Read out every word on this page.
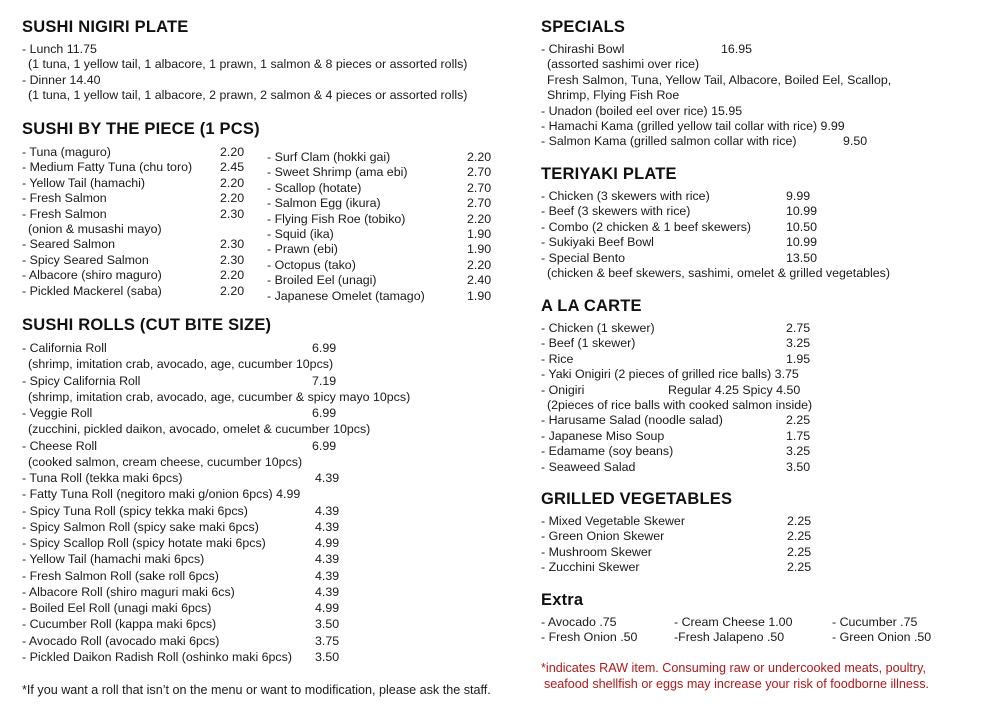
SUSHI NIGIRI PLATE
- Lunch 11.75
(1 tuna, 1 yellow tail, 1 albacore, 1 prawn, 1 salmon & 8 pieces or assorted rolls)
- Dinner 14.40
(1 tuna, 1 yellow tail, 1 albacore, 2 prawn, 2 salmon & 4 pieces or assorted rolls)
SUSHI BY THE PIECE (1 PCS)
- Tuna (maguro)	2.20
- Medium Fatty Tuna (chu toro) 2.45
- Yellow Tail (hamachi)	2.20
- Fresh Salmon	2.20
- Fresh Salmon	2.30
(onion & musashi mayo)
- Seared Salmon	2.30
- Spicy Seared Salmon	2.30
- Albacore (shiro maguro)	2.20
- Pickled Mackerel (saba)	2.20
- Surf Clam (hokki gai)	2.20
- Sweet Shrimp (ama ebi)	2.70
- Scallop (hotate)	2.70
- Salmon Egg (ikura)	2.70
- Flying Fish Roe (tobiko)	2.20
- Squid (ika)	1.90
- Prawn (ebi)	1.90
- Octopus (tako)	2.20
- Broiled Eel (unagi)	2.40
- Japanese Omelet (tamago)	1.90
SUSHI ROLLS (CUT BITE SIZE)
- California Roll	6.99
(shrimp, imitation crab, avocado, age, cucumber 10pcs)
- Spicy California Roll	7.19
(shrimp, imitation crab, avocado, age, cucumber & spicy mayo 10pcs)
- Veggie Roll	6.99
(zucchini, pickled daikon, avocado, omelet & cucumber 10pcs)
- Cheese Roll	6.99
(cooked salmon, cream cheese, cucumber 10pcs)
- Tuna Roll (tekka maki 6pcs)	4.39
- Fatty Tuna Roll (negitoro maki g/onion 6pcs) 4.99
- Spicy Tuna Roll (spicy tekka maki 6pcs)	4.39
- Spicy Salmon Roll (spicy sake maki 6pcs)	4.39
- Spicy Scallop Roll (spicy hotate maki 6pcs)	4.99
- Yellow Tail (hamachi maki 6pcs)	4.39
- Fresh Salmon Roll (sake roll 6pcs)	4.39
- Albacore Roll (shiro maguri maki 6cs)	4.39
- Boiled Eel Roll (unagi maki 6pcs)	4.99
- Cucumber Roll (kappa maki 6pcs)	3.50
- Avocado Roll (avocado maki 6pcs)	3.75
- Pickled Daikon Radish Roll (oshinko maki 6pcs) 3.50
*If you want a roll that isn’t on the menu or want to modification, please ask the staff.
SPECIALS
- Chirashi Bowl	16.95
(assorted sashimi over rice)
Fresh Salmon, Tuna, Yellow Tail, Albacore, Boiled Eel, Scallop,
Shrimp, Flying Fish Roe
- Unadon (boiled eel over rice) 15.95
- Hamachi Kama (grilled yellow tail collar with rice) 9.99
- Salmon Kama (grilled salmon collar with rice)	9.50
TERIYAKI PLATE
- Chicken (3 skewers with rice)	9.99
- Beef (3 skewers with rice)	10.99
- Combo (2 chicken & 1 beef skewers)	10.50
- Sukiyaki Beef Bowl	10.99
- Special Bento	13.50
(chicken & beef skewers, sashimi, omelet & grilled vegetables)
A LA CARTE
- Chicken (1 skewer)	2.75
- Beef (1 skewer)	3.25
- Rice	1.95
- Yaki Onigiri (2 pieces of grilled rice balls) 3.75
- Onigiri	Regular 4.25 Spicy 4.50
(2pieces of rice balls with cooked salmon inside)
- Harusame Salad (noodle salad)	2.25
- Japanese Miso Soup	1.75
- Edamame (soy beans)	3.25
- Seaweed Salad	3.50
GRILLED VEGETABLES
- Mixed Vegetable Skewer	2.25
- Green Onion Skewer	2.25
- Mushroom Skewer	2.25
- Zucchini Skewer	2.25
Extra
- Avocado .75	- Cream Cheese 1.00	- Cucumber .75
- Fresh Onion .50	-Fresh Jalapeno .50	- Green Onion .50
*indicates RAW item. Consuming raw or undercooked meats, poultry,
seafood shellfish or eggs may increase your risk of foodborne illness.
